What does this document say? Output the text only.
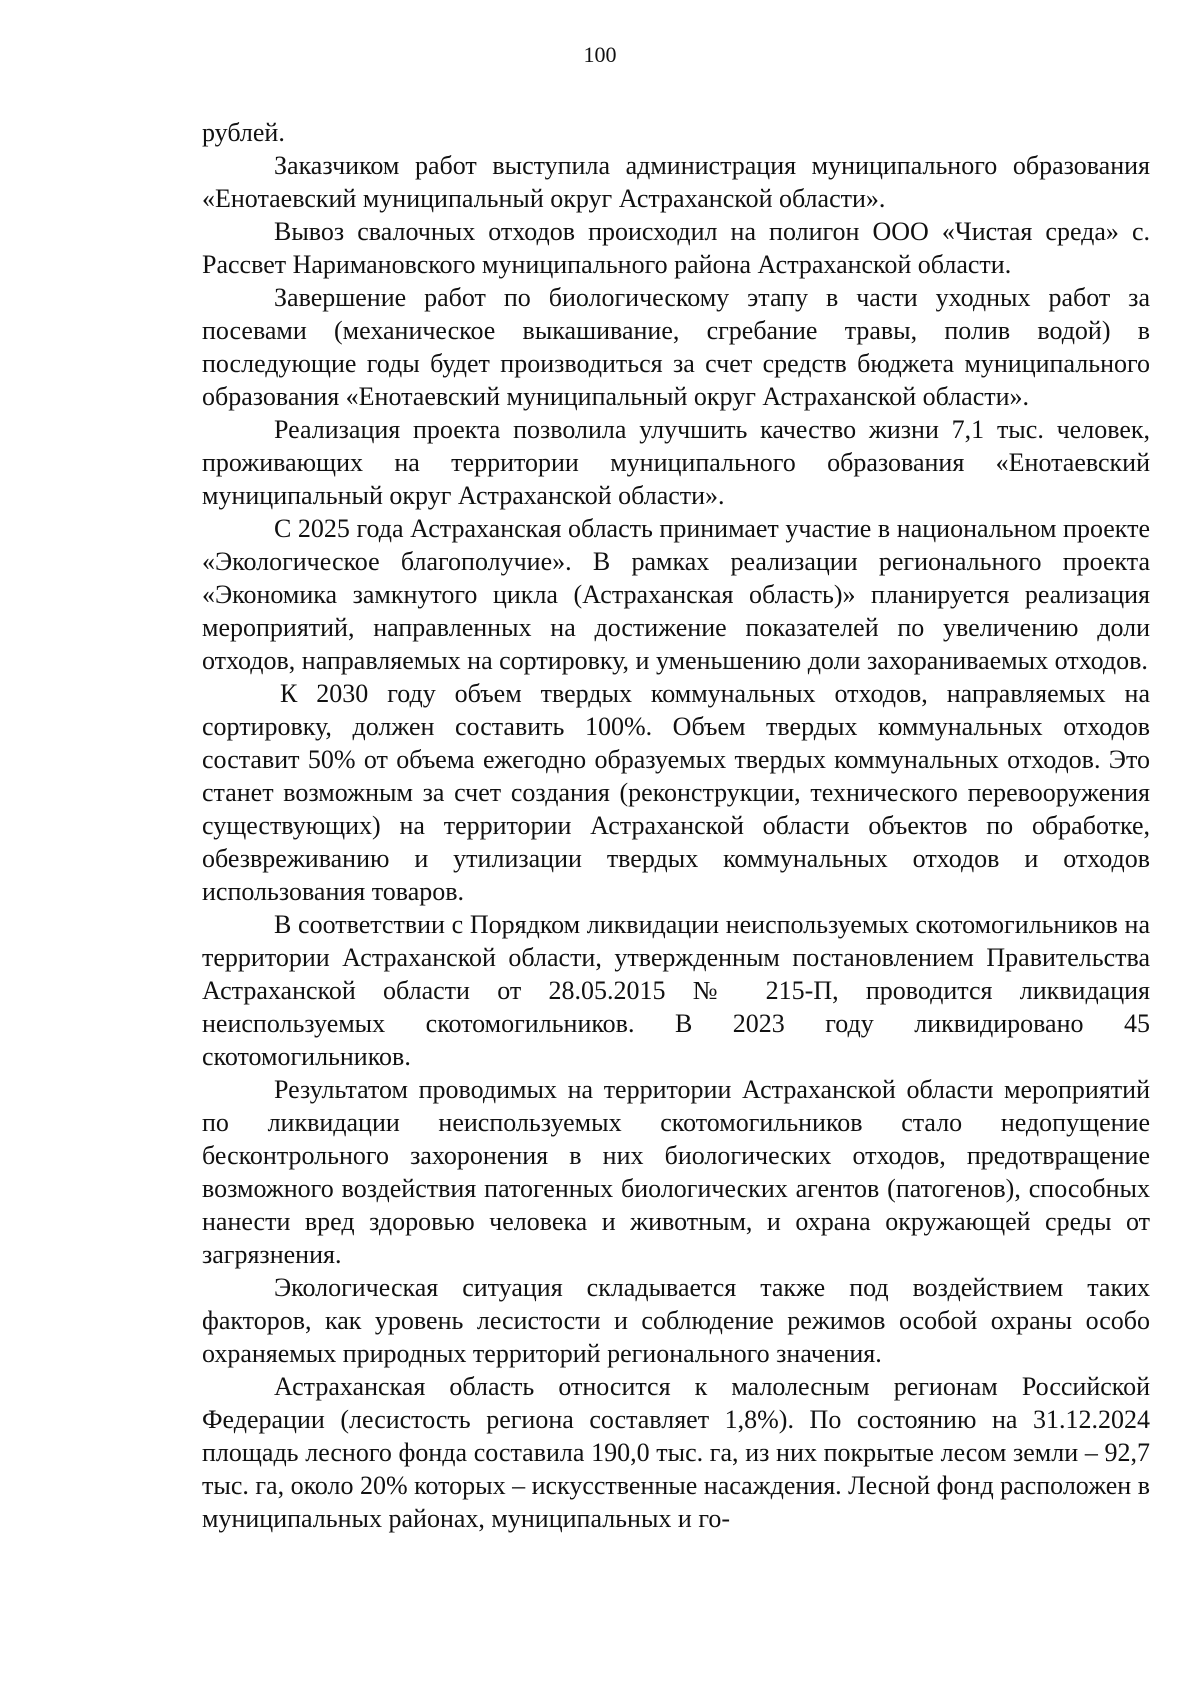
100

рублей.

Заказчиком работ выступила администрация муниципального образования «Енотаевский муниципальный округ Астраханской области».

Вывоз свалочных отходов происходил на полигон ООО «Чистая среда» с. Рассвет Наримановского муниципального района Астраханской области.

Завершение работ по биологическому этапу в части уходных работ за посевами (механическое выкашивание, сгребание травы, полив водой) в последующие годы будет производиться за счет средств бюджета муниципального образования «Енотаевский муниципальный округ Астраханской области».

Реализация проекта позволила улучшить качество жизни 7,1 тыс. человек, проживающих на территории муниципального образования «Енотаевский муниципальный округ Астраханской области».

С 2025 года Астраханская область принимает участие в национальном проекте «Экологическое благополучие». В рамках реализации регионального проекта «Экономика замкнутого цикла (Астраханская область)» планируется реализация мероприятий, направленных на достижение показателей по увеличению доли отходов, направляемых на сортировку, и уменьшению доли захораниваемых отходов.

К 2030 году объем твердых коммунальных отходов, направляемых на сортировку, должен составить 100%. Объем твердых коммунальных отходов составит 50% от объема ежегодно образуемых твердых коммунальных отходов. Это станет возможным за счет создания (реконструкции, технического перевооружения существующих) на территории Астраханской области объектов по обработке, обезвреживанию и утилизации твердых коммунальных отходов и отходов использования товаров.

В соответствии с Порядком ликвидации неиспользуемых скотомогильников на территории Астраханской области, утвержденным постановлением Правительства Астраханской области от 28.05.2015 № 215-П, проводится ликвидация неиспользуемых скотомогильников. В 2023 году ликвидировано 45 скотомогильников.

Результатом проводимых на территории Астраханской области мероприятий по ликвидации неиспользуемых скотомогильников стало недопущение бесконтрольного захоронения в них биологических отходов, предотвращение возможного воздействия патогенных биологических агентов (патогенов), способных нанести вред здоровью человека и животным, и охрана окружающей среды от загрязнения.

Экологическая ситуация складывается также под воздействием таких факторов, как уровень лесистости и соблюдение режимов особой охраны особо охраняемых природных территорий регионального значения.

Астраханская область относится к малолесным регионам Российской Федерации (лесистость региона составляет 1,8%). По состоянию на 31.12.2024 площадь лесного фонда составила 190,0 тыс. га, из них покрытые лесом земли – 92,7 тыс. га, около 20% которых – искусственные насаждения. Лесной фонд расположен в муниципальных районах, муниципальных и го-
